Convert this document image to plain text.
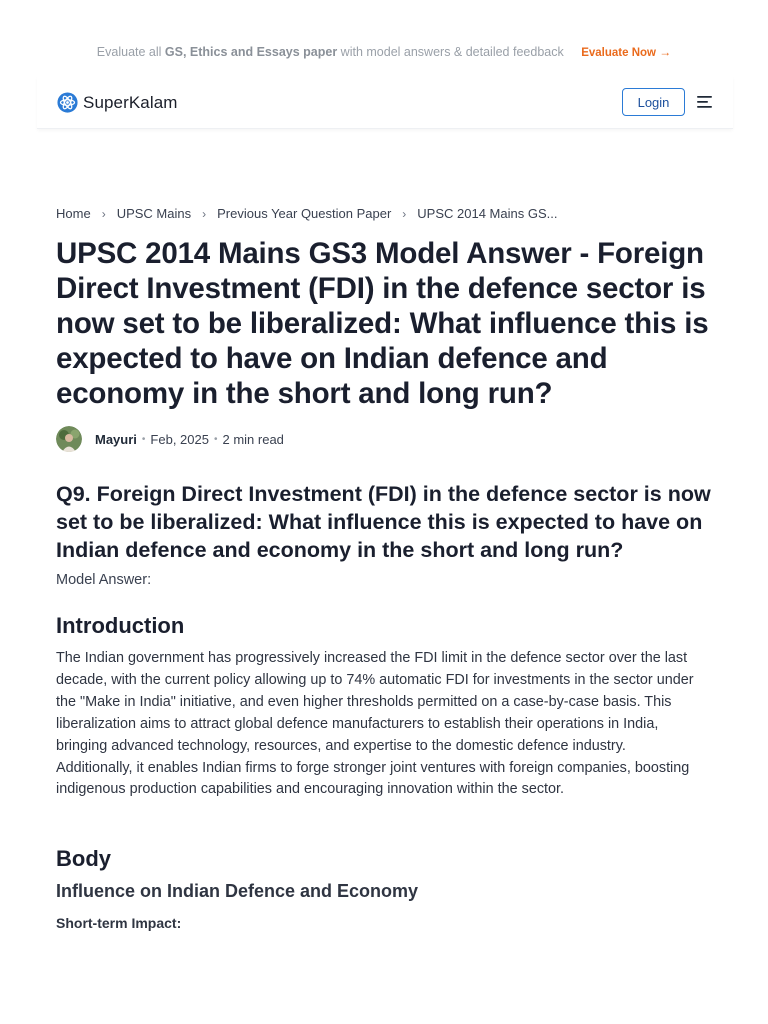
Evaluate all GS, Ethics and Essays paper with model answers & detailed feedback Evaluate Now →
SuperKalam	Login
Home › UPSC Mains › Previous Year Question Paper › UPSC 2014 Mains GS...
UPSC 2014 Mains GS3 Model Answer - Foreign Direct Investment (FDI) in the defence sector is now set to be liberalized: What influence this is expected to have on Indian defence and economy in the short and long run?
Mayuri • Feb, 2025 • 2 min read
Q9. Foreign Direct Investment (FDI) in the defence sector is now set to be liberalized: What influence this is expected to have on Indian defence and economy in the short and long run?
Model Answer:
Introduction

The Indian government has progressively increased the FDI limit in the defence sector over the last decade, with the current policy allowing up to 74% automatic FDI for investments in the sector under the "Make in India" initiative, and even higher thresholds permitted on a case-by-case basis. This liberalization aims to attract global defence manufacturers to establish their operations in India, bringing advanced technology, resources, and expertise to the domestic defence industry. Additionally, it enables Indian firms to forge stronger joint ventures with foreign companies, boosting indigenous production capabilities and encouraging innovation within the sector.

Body
Influence on Indian Defence and Economy
Short-term Impact:
